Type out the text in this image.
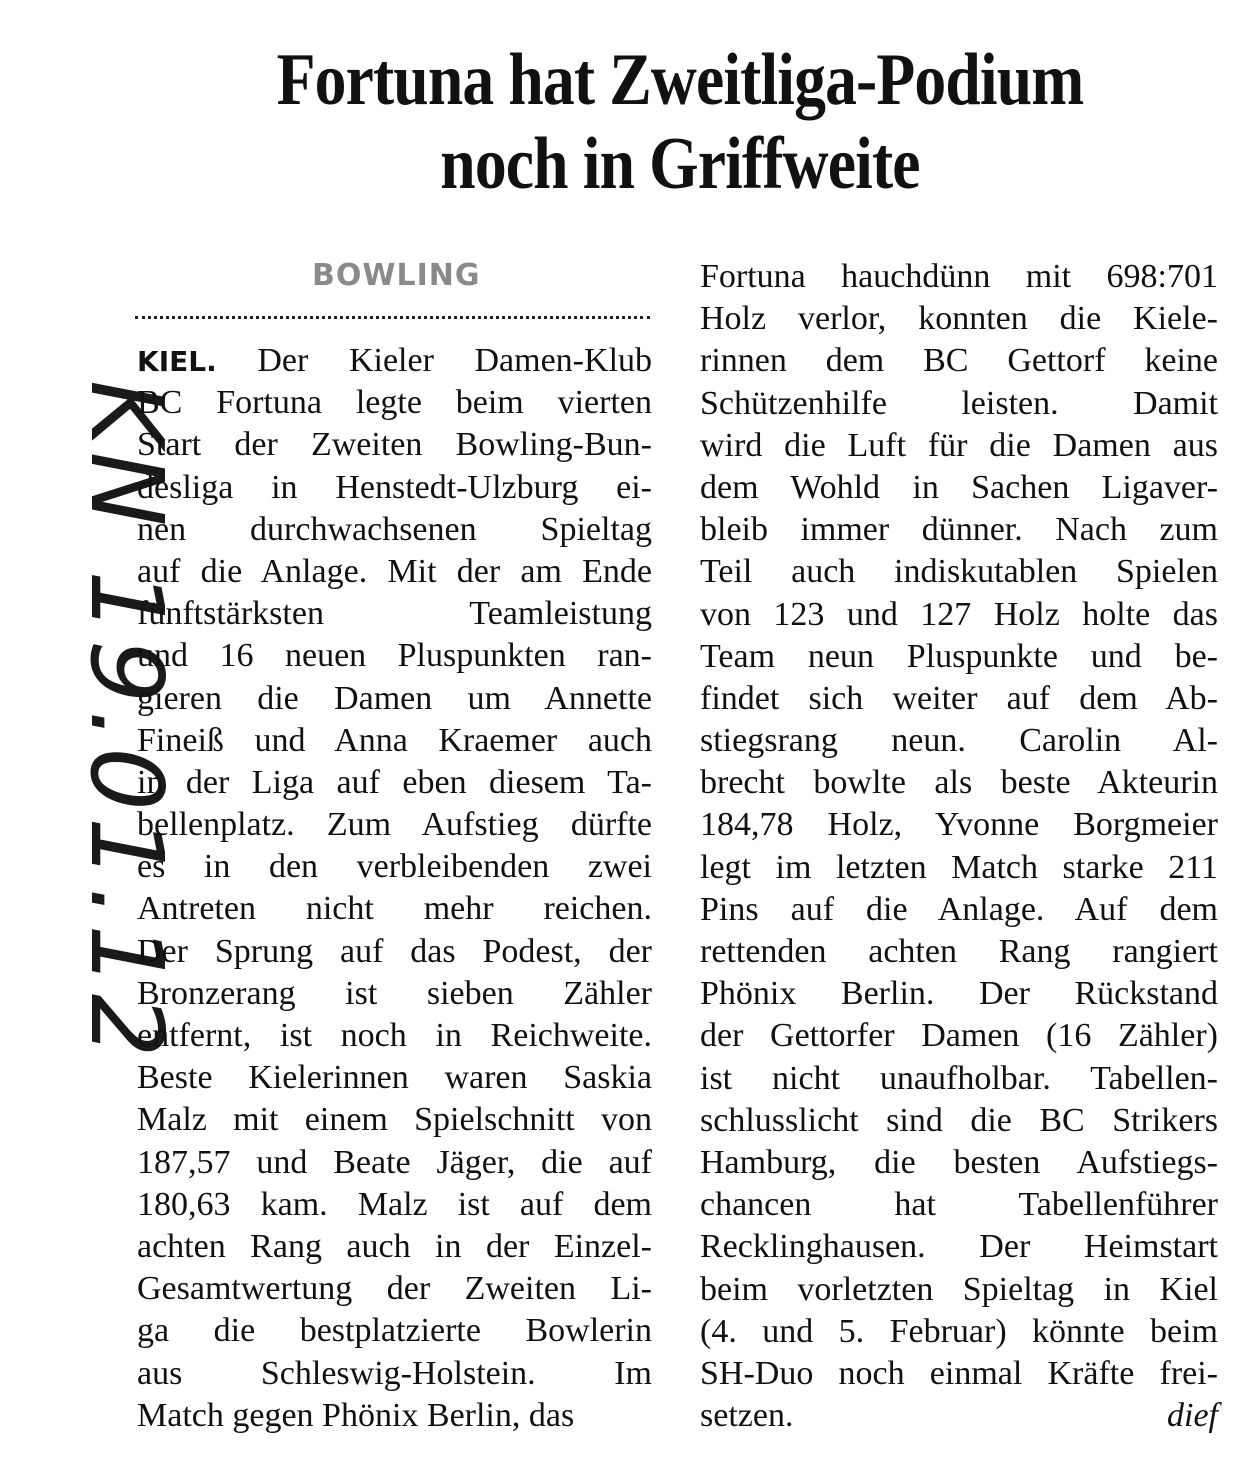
Fortuna hat Zweitliga-Podium
noch in Griffweite
BOWLING
KN 19.01.12
KIEL. Der Kieler Damen-Klub
BC Fortuna legte beim vierten
Start der Zweiten Bowling-Bun-
desliga in Henstedt-Ulzburg ei-
nen durchwachsenen Spieltag
auf die Anlage. Mit der am Ende
fünftstärksten Teamleistung
und 16 neuen Pluspunkten ran-
gieren die Damen um Annette
Fineiß und Anna Kraemer auch
in der Liga auf eben diesem Ta-
bellenplatz. Zum Aufstieg dürfte
es in den verbleibenden zwei
Antreten nicht mehr reichen.
Der Sprung auf das Podest, der
Bronzerang ist sieben Zähler
entfernt, ist noch in Reichweite.
Beste Kielerinnen waren Saskia
Malz mit einem Spielschnitt von
187,57 und Beate Jäger, die auf
180,63 kam. Malz ist auf dem
achten Rang auch in der Einzel-
Gesamtwertung der Zweiten Li-
ga die bestplatzierte Bowlerin
aus Schleswig-Holstein. Im
Match gegen Phönix Berlin, das
Fortuna hauchdünn mit 698:701
Holz verlor, konnten die Kiele-
rinnen dem BC Gettorf keine
Schützenhilfe leisten. Damit
wird die Luft für die Damen aus
dem Wohld in Sachen Ligaver-
bleib immer dünner. Nach zum
Teil auch indiskutablen Spielen
von 123 und 127 Holz holte das
Team neun Pluspunkte und be-
findet sich weiter auf dem Ab-
stiegsrang neun. Carolin Al-
brecht bowlte als beste Akteurin
184,78 Holz, Yvonne Borgmeier
legt im letzten Match starke 211
Pins auf die Anlage. Auf dem
rettenden achten Rang rangiert
Phönix Berlin. Der Rückstand
der Gettorfer Damen (16 Zähler)
ist nicht unaufholbar. Tabellen-
schlusslicht sind die BC Strikers
Hamburg, die besten Aufstiegs-
chancen hat Tabellenführer
Recklinghausen. Der Heimstart
beim vorletzten Spieltag in Kiel
(4. und 5. Februar) könnte beim
SH-Duo noch einmal Kräfte frei-
setzen.	dief
